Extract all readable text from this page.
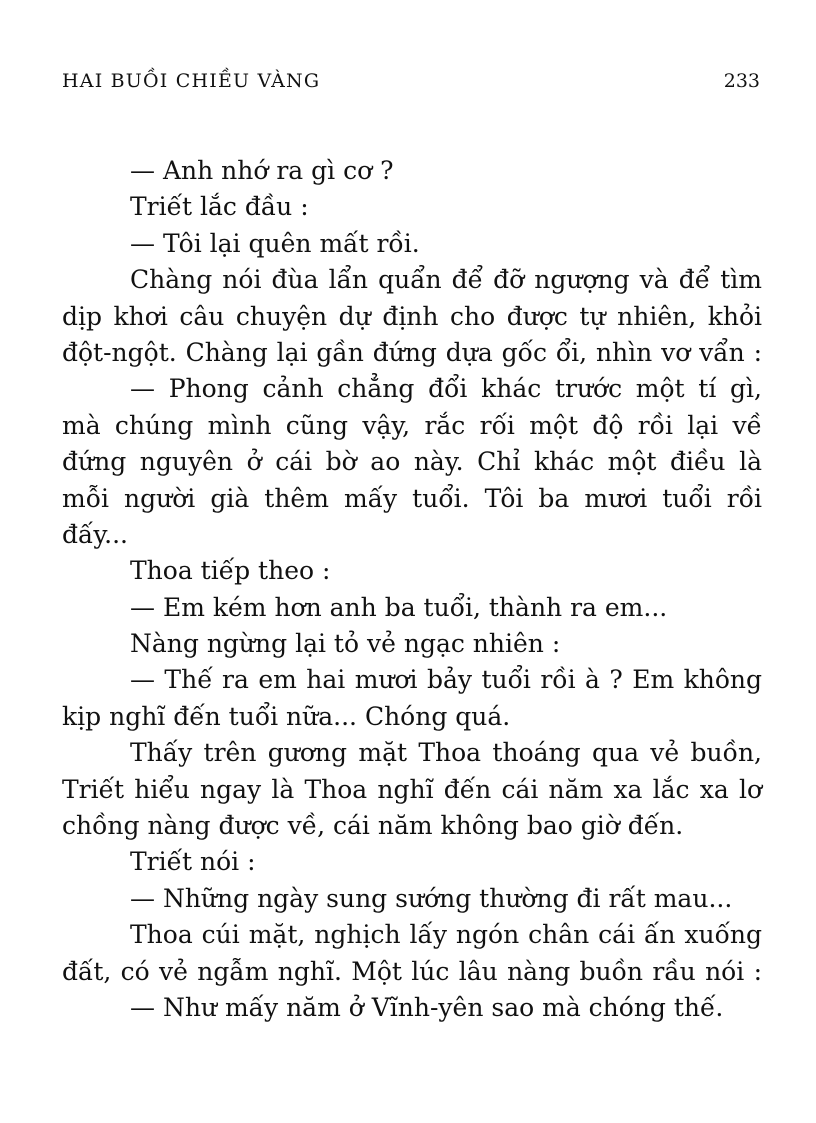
HAI BUỒI CHIỀU VÀNG	233
— Anh nhớ ra gì cơ ?
Triết lắc đầu :
— Tôi lại quên mất rồi.
Chàng nói đùa lẩn quẩn để đỡ ngượng và để tìm
dịp khơi câu chuyện dự định cho được tự nhiên, khỏi
đột-ngột. Chàng lại gần đứng dựa gốc ổi, nhìn vơ vẩn :
— Phong cảnh chẳng đổi khác trước một tí gì,
mà chúng mình cũng vậy, rắc rối một độ rồi lại về
đứng nguyên ở cái bờ ao này. Chỉ khác một điều là
mỗi người già thêm mấy tuổi. Tôi ba mươi tuổi rồi
đấy...
Thoa tiếp theo :
— Em kém hơn anh ba tuổi, thành ra em...
Nàng ngừng lại tỏ vẻ ngạc nhiên :
— Thế ra em hai mươi bảy tuổi rồi à ? Em không
kịp nghĩ đến tuổi nữa... Chóng quá.
Thấy trên gương mặt Thoa thoáng qua vẻ buồn,
Triết hiểu ngay là Thoa nghĩ đến cái năm xa lắc xa lơ
chồng nàng được về, cái năm không bao giờ đến.
Triết nói :
— Những ngày sung sướng thường đi rất mau...
Thoa cúi mặt, nghịch lấy ngón chân cái ấn xuống
đất, có vẻ ngẫm nghĩ. Một lúc lâu nàng buồn rầu nói :
— Như mấy năm ở Vĩnh-yên sao mà chóng thế.
